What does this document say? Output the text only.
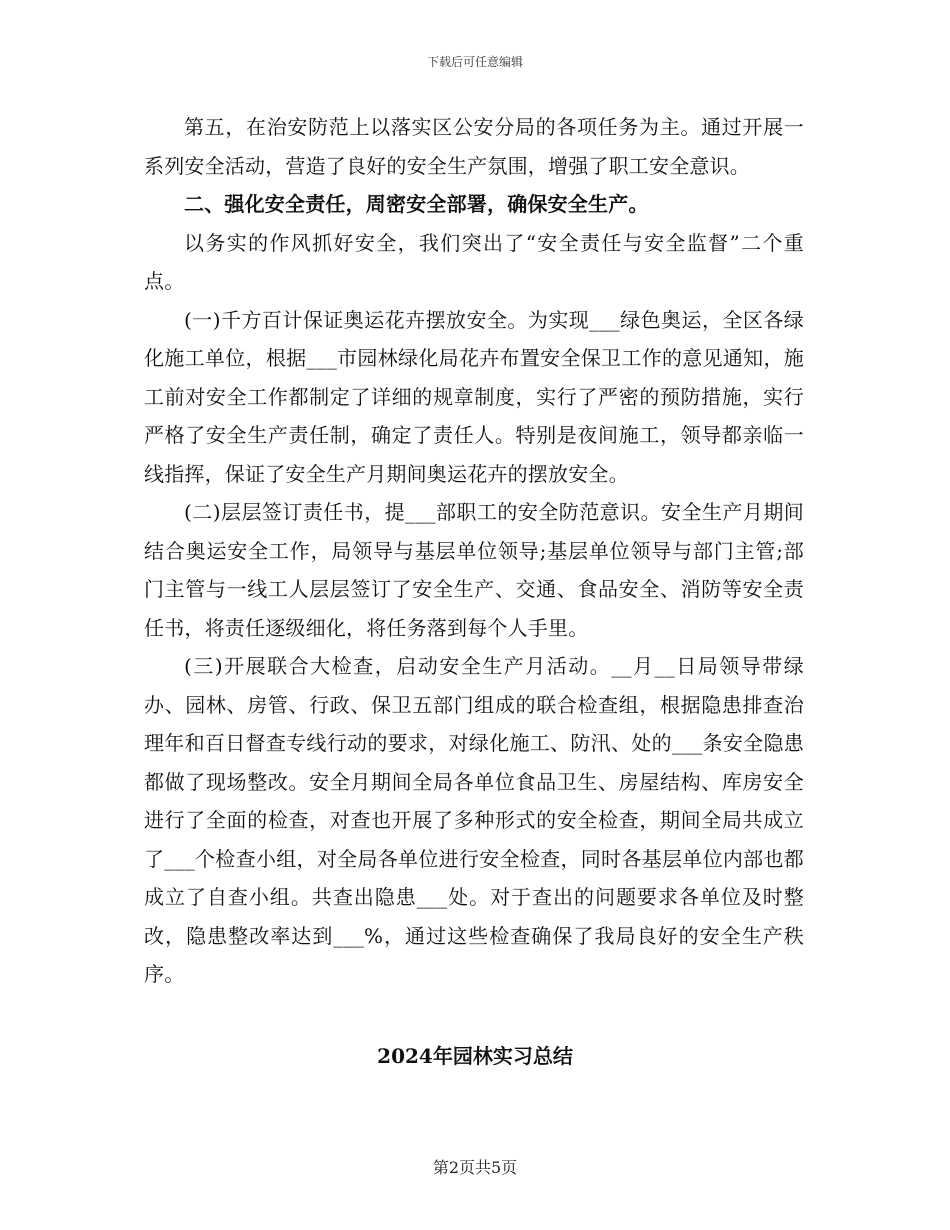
下载后可任意编辑

第五，在治安防范上以落实区公安分局的各项任务为主。通过开展一系列安全活动，营造了良好的安全生产氛围，增强了职工安全意识。

二、强化安全责任，周密安全部署，确保安全生产。

以务实的作风抓好安全，我们突出了“安全责任与安全监督”二个重点。

(一)千方百计保证奥运花卉摆放安全。为实现___绿色奥运，全区各绿化施工单位，根据___市园林绿化局花卉布置安全保卫工作的意见通知，施工前对安全工作都制定了详细的规章制度，实行了严密的预防措施，实行严格了安全生产责任制，确定了责任人。特别是夜间施工，领导都亲临一线指挥，保证了安全生产月期间奥运花卉的摆放安全。

(二)层层签订责任书，提___部职工的安全防范意识。安全生产月期间结合奥运安全工作，局领导与基层单位领导;基层单位领导与部门主管;部门主管与一线工人层层签订了安全生产、交通、食品安全、消防等安全责任书，将责任逐级细化，将任务落到每个人手里。

(三)开展联合大检查，启动安全生产月活动。__月__日局领导带绿办、园林、房管、行政、保卫五部门组成的联合检查组，根据隐患排查治理年和百日督查专线行动的要求，对绿化施工、防汛、处的___条安全隐患都做了现场整改。安全月期间全局各单位食品卫生、房屋结构、库房安全进行了全面的检查，对查也开展了多种形式的安全检查，期间全局共成立了___个检查小组，对全局各单位进行安全检查，同时各基层单位内部也都成立了自查小组。共查出隐患___处。对于查出的问题要求各单位及时整改，隐患整改率达到___%，通过这些检查确保了我局良好的安全生产秩序。

2024年园林实习总结
第2页共5页
